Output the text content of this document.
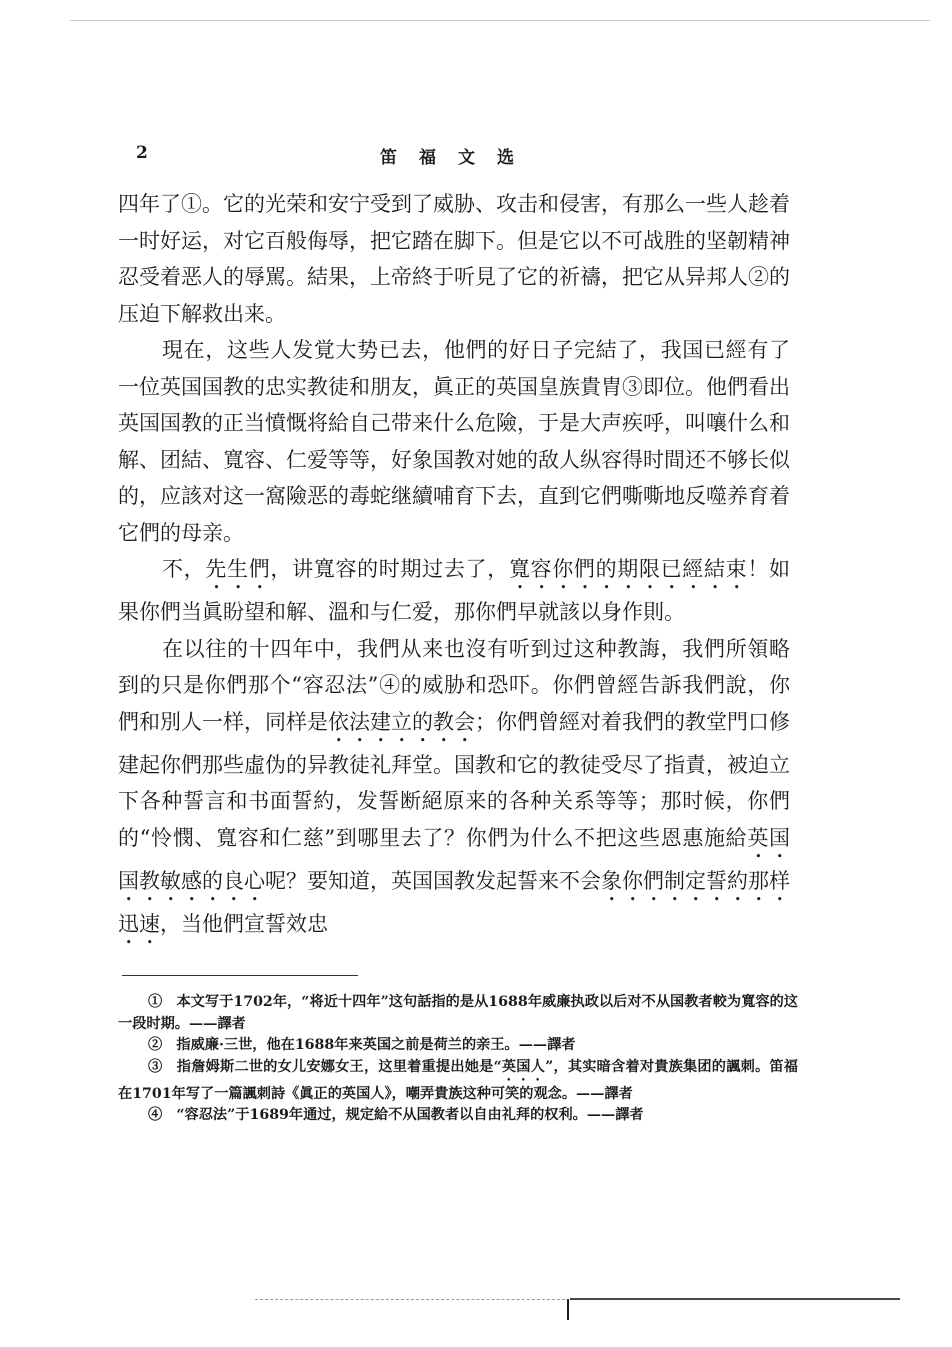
2	笛福文选

四年了①。它的光荣和安宁受到了威胁、攻击和侵害，有那么一些人趁着一时好运，对它百般侮辱，把它踏在脚下。但是它以不可战胜的坚韌精神忍受着恶人的辱駡。結果，上帝終于听見了它的祈禱，把它从异邦人②的压迫下解救出来。

現在，这些人发覚大势已去，他們的好日子完結了，我国已經有了一位英国国教的忠实教徒和朋友，眞正的英国皇族貴胄③即位。他們看出英国国教的正当憤慨将給自己带来什么危險，于是大声疾呼，叫嚷什么和解、团結、寬容、仁爱等等，好象国教对她的敌人纵容得时間还不够长似的，应該对这一窩險恶的毒蛇继續哺育下去，直到它們嘶嘶地反噬养育着它們的母亲。

不，先生們，讲寬容的时期过去了，寬容你們的期限已經結束！如果你們当眞盼望和解、溫和与仁爱，那你們早就該以身作則。

在以往的十四年中，我們从来也沒有听到过这种教誨，我們所領略到的只是你們那个“容忍法”④的威胁和恐吓。你們曾經告訴我們說，你們和別人一样，同样是依法建立的教会；你們曾經对着我們的教堂門口修建起你們那些虛伪的异教徒礼拜堂。国教和它的教徒受尽了指責，被迫立下各种誓言和书面誓約，发誓断絕原来的各种关系等等；那时候，你們的“怜憫、寬容和仁慈”到哪里去了？你們为什么不把这些恩惠施給英国国教敏感的良心呢？要知道，英国国教发起誓来不会象你們制定誓約那样迅速，当他們宣誓效忠

①　本文写于1702年，“将近十四年”这句話指的是从1688年威廉执政以后对不从国教者較为寬容的这一段时期。——譯者

②　指威廉·三世，他在1688年来英国之前是荷兰的亲王。——譯者

③　指詹姆斯二世的女儿安娜女王，这里着重提出她是“英国人”，其实暗含着对貴族集团的諷刺。笛福在1701年写了一篇諷刺詩《眞正的英国人》，嘲弄貴族这种可笑的观念。——譯者

④　“容忍法”于1689年通过，规定給不从国教者以自由礼拜的权利。——譯者
